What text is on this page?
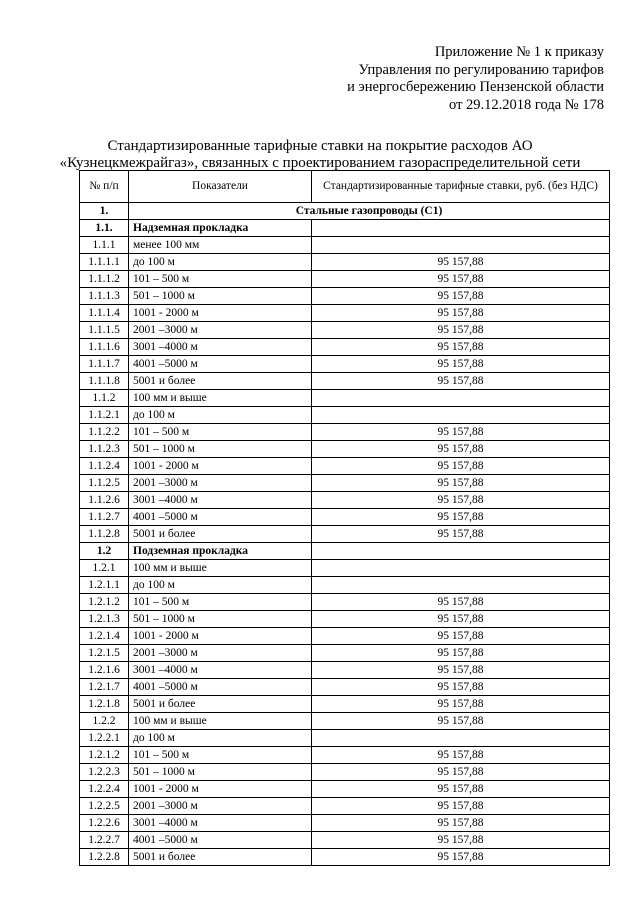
Приложение № 1 к приказу
Управления по регулированию тарифов
и энергосбережению Пензенской области
от 29.12.2018 года № 178
Стандартизированные тарифные ставки на покрытие расходов АО
«Кузнецкмежрайгаз», связанных с проектированием газораспределительной сети
№ п/п	Показатели	Стандартизированные тарифные ставки, руб. (без НДС)
1.	Стальные газопроводы (С1)	
1.1.	Надземная прокладка	
1.1.1	менее 100 мм	
1.1.1.1	до 100 м	95 157,88
1.1.1.2	101 – 500 м	95 157,88
1.1.1.3	501 – 1000 м	95 157,88
1.1.1.4	1001 - 2000 м	95 157,88
1.1.1.5	2001 –3000 м	95 157,88
1.1.1.6	3001 –4000 м	95 157,88
1.1.1.7	4001 –5000 м	95 157,88
1.1.1.8	5001 и более	95 157,88
1.1.2	100 мм и выше	
1.1.2.1	до 100 м	
1.1.2.2	101 – 500 м	95 157,88
1.1.2.3	501 – 1000 м	95 157,88
1.1.2.4	1001 - 2000 м	95 157,88
1.1.2.5	2001 –3000 м	95 157,88
1.1.2.6	3001 –4000 м	95 157,88
1.1.2.7	4001 –5000 м	95 157,88
1.1.2.8	5001 и более	95 157,88
1.2	Подземная прокладка	
1.2.1	100 мм и выше	
1.2.1.1	до 100 м	
1.2.1.2	101 – 500 м	95 157,88
1.2.1.3	501 – 1000 м	95 157,88
1.2.1.4	1001 - 2000 м	95 157,88
1.2.1.5	2001 –3000 м	95 157,88
1.2.1.6	3001 –4000 м	95 157,88
1.2.1.7	4001 –5000 м	95 157,88
1.2.1.8	5001 и более	95 157,88
1.2.2	100 мм и выше	95 157,88
1.2.2.1	до 100 м	
1.2.1.2	101 – 500 м	95 157,88
1.2.2.3	501 – 1000 м	95 157,88
1.2.2.4	1001 - 2000 м	95 157,88
1.2.2.5	2001 –3000 м	95 157,88
1.2.2.6	3001 –4000 м	95 157,88
1.2.2.7	4001 –5000 м	95 157,88
1.2.2.8	5001 и более	95 157,88
